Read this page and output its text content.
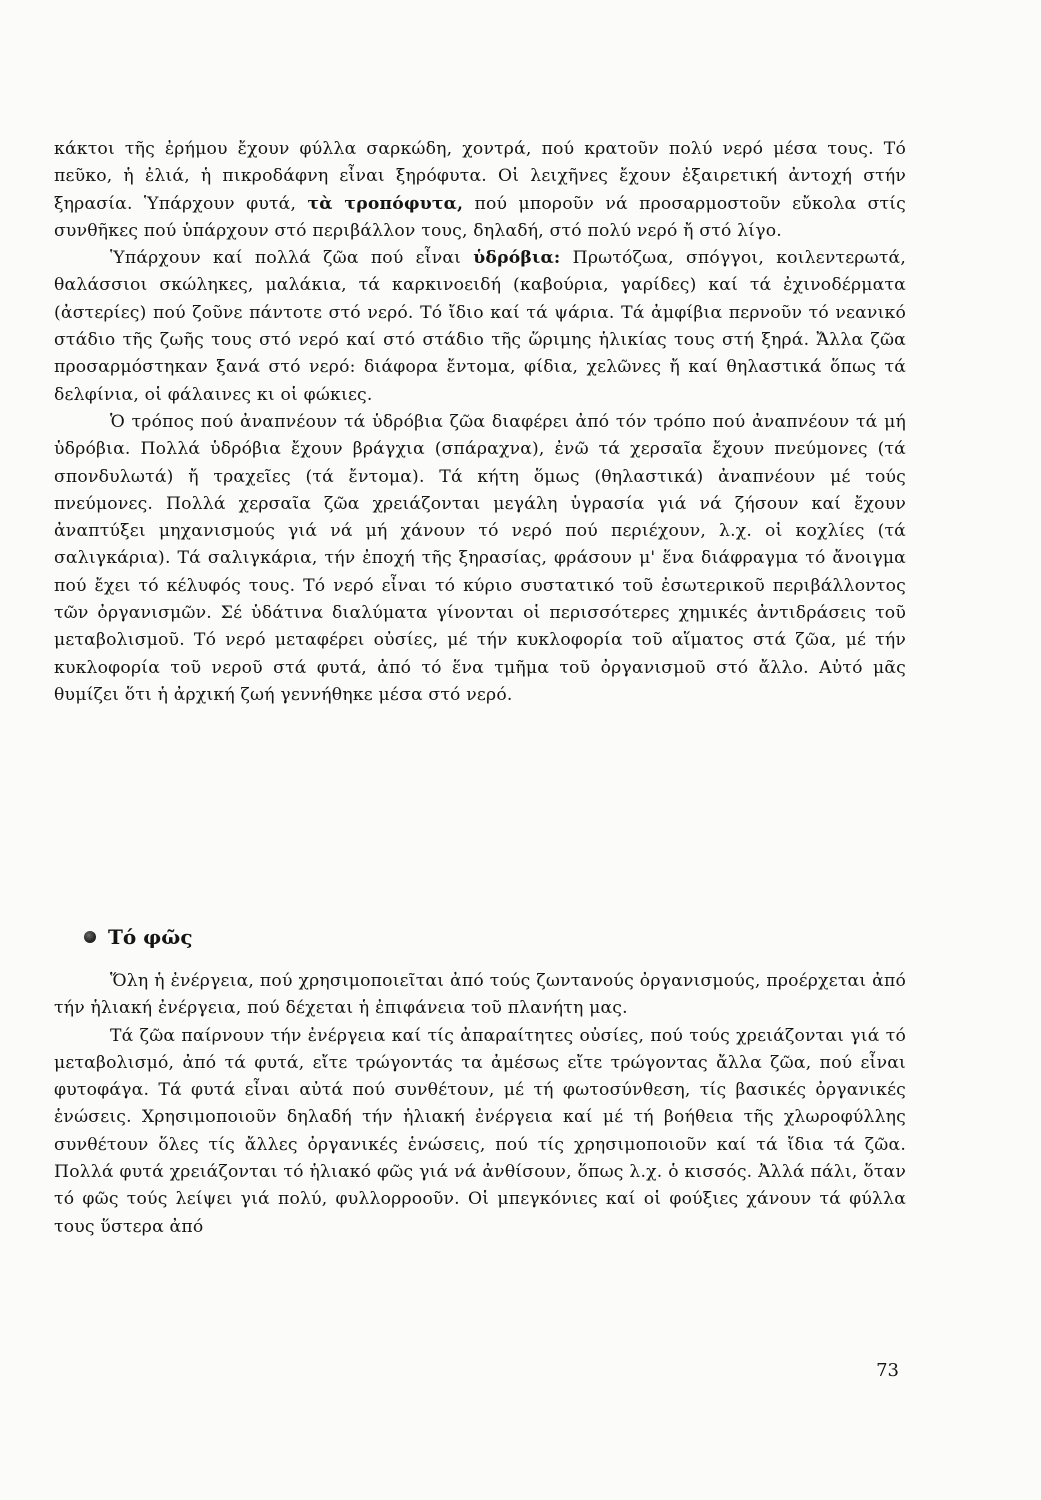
κάκτοι τῆς ἐρήμου ἔχουν φύλλα σαρκώδη, χοντρά, πού κρατοῦν πολύ νερό μέσα τους. Τό πεῦκο, ἡ ἐλιά, ἡ πικροδάφνη εἶναι ξηρόφυτα. Οἱ λειχῆνες ἔχουν ἐξαιρετική ἀντοχή στήν ξηρασία. Ὑπάρχουν φυτά, τὰ τροπόφυτα, πού μποροῦν νά προσαρμοστοῦν εὔκολα στίς συνθῆκες πού ὑπάρχουν στό περιβάλλον τους, δηλαδή, στό πολύ νερό ἤ στό λίγο.

Ὑπάρχουν καί πολλά ζῶα πού εἶναι ὑδρόβια: Πρωτόζωα, σπόγγοι, κοιλεντερωτά, θαλάσσιοι σκώληκες, μαλάκια, τά καρκινοειδή (καβούρια, γαρίδες) καί τά ἐχινοδέρματα (ἀστερίες) πού ζοῦνε πάντοτε στό νερό. Τό ἴδιο καί τά ψάρια. Τά ἀμφίβια περνοῦν τό νεανικό στάδιο τῆς ζωῆς τους στό νερό καί στό στάδιο τῆς ὥριμης ἡλικίας τους στή ξηρά. Ἄλλα ζῶα προσαρμόστηκαν ξανά στό νερό: διάφορα ἔντομα, φίδια, χελῶνες ἤ καί θηλαστικά ὅπως τά δελφίνια, οἱ φάλαινες κι οἱ φώκιες.

Ὁ τρόπος πού ἀναπνέουν τά ὑδρόβια ζῶα διαφέρει ἀπό τόν τρόπο πού ἀναπνέουν τά μή ὑδρόβια. Πολλά ὑδρόβια ἔχουν βράγχια (σπάραχνα), ἐνῶ τά χερσαῖα ἔχουν πνεύμονες (τά σπονδυλωτά) ἤ τραχεῖες (τά ἔντομα). Τά κήτη ὅμως (θηλαστικά) ἀναπνέουν μέ τούς πνεύμονες. Πολλά χερσαῖα ζῶα χρειάζονται μεγάλη ὑγρασία γιά νά ζήσουν καί ἔχουν ἀναπτύξει μηχανισμούς γιά νά μή χάνουν τό νερό πού περιέχουν, λ.χ. οἱ κοχλίες (τά σαλιγκάρια). Τά σαλιγκάρια, τήν ἐποχή τῆς ξηρασίας, φράσουν μ' ἕνα διάφραγμα τό ἄνοιγμα πού ἔχει τό κέλυφός τους. Τό νερό εἶναι τό κύριο συστατικό τοῦ ἐσωτερικοῦ περιβάλλοντος τῶν ὀργανισμῶν. Σέ ὑδάτινα διαλύματα γίνονται οἱ περισσότερες χημικές ἀντιδράσεις τοῦ μεταβολισμοῦ. Τό νερό μεταφέρει οὐσίες, μέ τήν κυκλοφορία τοῦ αἵματος στά ζῶα, μέ τήν κυκλοφορία τοῦ νεροῦ στά φυτά, ἀπό τό ἕνα τμῆμα τοῦ ὀργανισμοῦ στό ἄλλο. Αὐτό μᾶς θυμίζει ὅτι ἡ ἀρχική ζωή γεννήθηκε μέσα στό νερό.

Τό φῶς

Ὅλη ἡ ἐνέργεια, πού χρησιμοποιεῖται ἀπό τούς ζωντανούς ὀργανισμούς, προέρχεται ἀπό τήν ἡλιακή ἐνέργεια, πού δέχεται ἡ ἐπιφάνεια τοῦ πλανήτη μας.

Τά ζῶα παίρνουν τήν ἐνέργεια καί τίς ἀπαραίτητες οὐσίες, πού τούς χρειάζονται γιά τό μεταβολισμό, ἀπό τά φυτά, εἴτε τρώγοντάς τα ἀμέσως εἴτε τρώγοντας ἄλλα ζῶα, πού εἶναι φυτοφάγα. Τά φυτά εἶναι αὐτά πού συνθέτουν, μέ τή φωτοσύνθεση, τίς βασικές ὀργανικές ἑνώσεις. Χρησιμοποιοῦν δηλαδή τήν ἡλιακή ἐνέργεια καί μέ τή βοήθεια τῆς χλωροφύλλης συνθέτουν ὅλες τίς ἄλλες ὀργανικές ἑνώσεις, πού τίς χρησιμοποιοῦν καί τά ἴδια τά ζῶα. Πολλά φυτά χρειάζονται τό ἡλιακό φῶς γιά νά ἀνθίσουν, ὅπως λ.χ. ὁ κισσός. Ἀλλά πάλι, ὅταν τό φῶς τούς λείψει γιά πολύ, φυλλορροοῦν. Οἱ μπεγκόνιες καί οἱ φούξιες χάνουν τά φύλλα τους ὕστερα ἀπό

73
